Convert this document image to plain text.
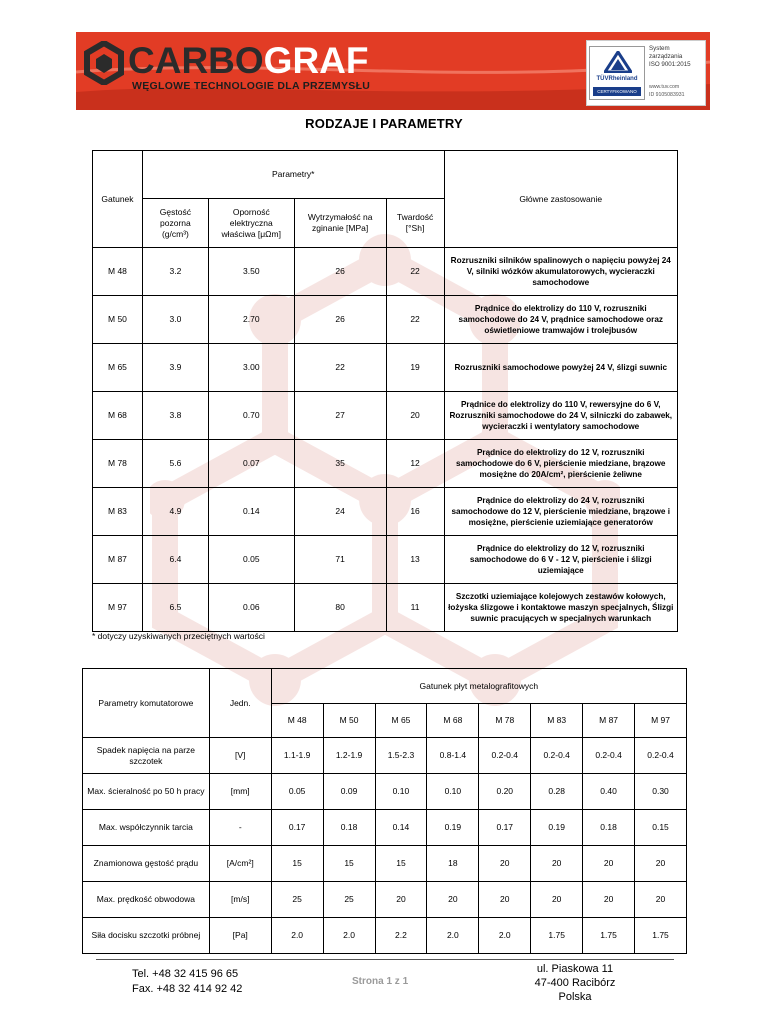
CARBOGRAF
WĘGLOWE TECHNOLOGIE DLA PRZEMYSŁU
TÜVRheinland
CERTYFIKOWANO
System
zarządzania
ISO 9001:2015
www.tuv.com
ID 9105083931
RODZAJE I PARAMETRY
Gatunek	Parametry*				Główne zastosowanie
	Gęstość pozorna (g/cm³)	Oporność elektryczna właściwa [μΩm]	Wytrzymałość na zginanie [MPa]	Twardość [°Sh]	
M 48	3.2	3.50	26	22	Rozruszniki silników spalinowych o napięciu powyżej 24 V, silniki wózków akumulatorowych, wycieraczki samochodowe
M 50	3.0	2.70	26	22	Prądnice do elektrolizy do 110 V, rozruszniki samochodowe do 24 V, prądnice samochodowe oraz oświetleniowe tramwajów i trolejbusów
M 65	3.9	3.00	22	19	Rozruszniki samochodowe powyżej 24 V, ślizgi suwnic
M 68	3.8	0.70	27	20	Prądnice do elektrolizy do 110 V, rewersyjne do 6 V, Rozruszniki samochodowe do 24 V, silniczki do zabawek, wycieraczki i wentylatory samochodowe
M 78	5.6	0.07	35	12	Prądnice do elektrolizy do 12 V, rozruszniki samochodowe do 6 V, pierścienie miedziane, brązowe mosiężne do 20A/cm², pierścienie żeliwne
M 83	4.9	0.14	24	16	Prądnice do elektrolizy do 24 V, rozruszniki samochodowe do 12 V, pierścienie miedziane, brązowe i mosiężne, pierścienie uziemiające generatorów
M 87	6.4	0.05	71	13	Prądnice do elektrolizy do 12 V, rozruszniki samochodowe do 6 V - 12 V, pierścienie i ślizgi uziemiające
M 97	6.5	0.06	80	11	Szczotki uziemiające kolejowych zestawów kołowych, łożyska ślizgowe i kontaktowe maszyn specjalnych, Ślizgi suwnic pracujących w specjalnych warunkach
* dotyczy uzyskiwanych przeciętnych wartości
Parametry komutatorowe	Jedn.	Gatunek płyt metalografitowych							
		M 48	M 50	M 65	M 68	M 78	M 83	M 87	M 97
Spadek napięcia na parze szczotek	[V]	1.1-1.9	1.2-1.9	1.5-2.3	0.8-1.4	0.2-0.4	0.2-0.4	0.2-0.4	0.2-0.4
Max. ścieralność po 50 h pracy	[mm]	0.05	0.09	0.10	0.10	0.20	0.28	0.40	0.30
Max. współczynnik tarcia	-	0.17	0.18	0.14	0.19	0.17	0.19	0.18	0.15
Znamionowa gęstość prądu	[A/cm²]	15	15	15	18	20	20	20	20
Max. prędkość obwodowa	[m/s]	25	25	20	20	20	20	20	20
Siła docisku szczotki próbnej	[Pa]	2.0	2.0	2.2	2.0	2.0	1.75	1.75	1.75
Tel. +48 32 415 96 65
Fax. +48 32 414 92 42
Strona 1 z 1
ul. Piaskowa 11
47-400 Racibórz
Polska
